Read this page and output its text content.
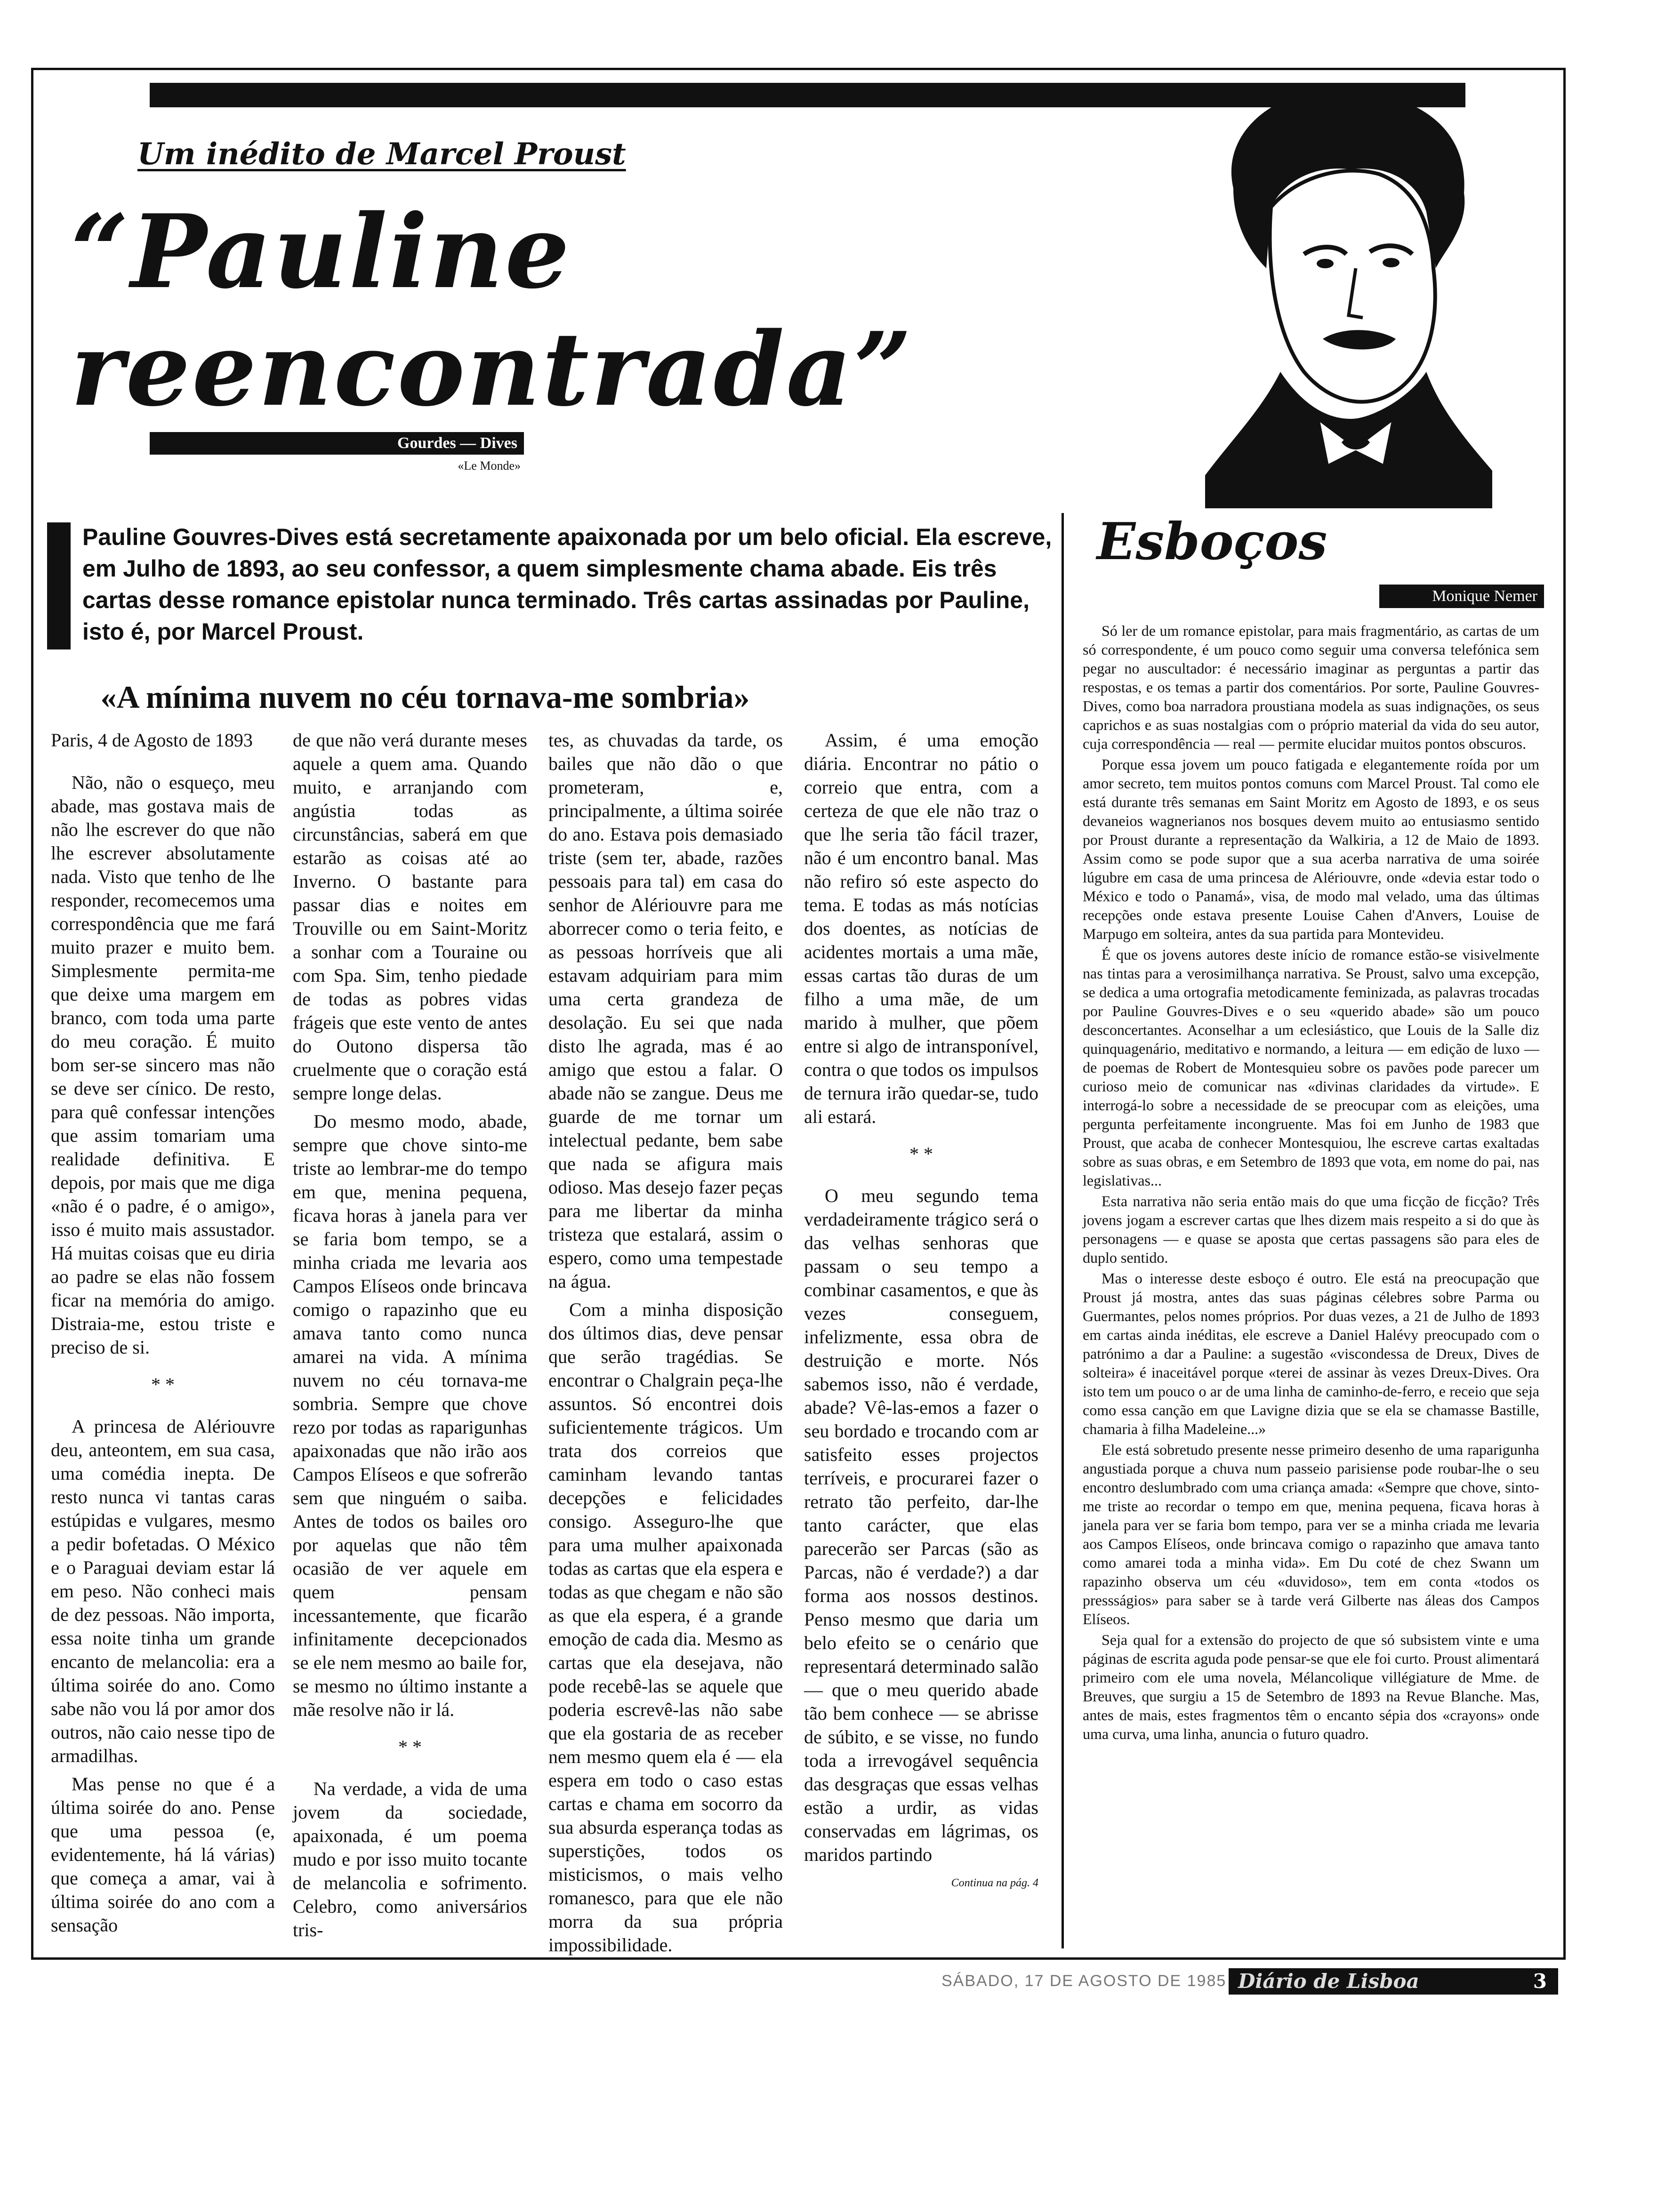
Um inédito de Marcel Proust
“Pauline
reencontrada”
Gourdes — Dives
«Le Monde»
PANCHO
Pauline Gouvres-Dives está secretamente apaixonada por um belo oficial. Ela escreve, em Julho de 1893, ao seu confessor, a quem simplesmente chama abade. Eis três cartas desse romance epistolar nunca terminado. Três cartas assinadas por Pauline, isto é, por Marcel Proust.
«A mínima nuvem no céu tornava-me sombria»

Paris, 4 de Agosto de 1893

Não, não o esqueço, meu abade, mas gostava mais de não lhe escrever do que não lhe escrever absolutamente nada. Visto que tenho de lhe responder, recomecemos uma correspondência que me fará muito prazer e muito bem. Simplesmente permita-me que deixe uma margem em branco, com toda uma parte do meu coração. É muito bom ser-se sincero mas não se deve ser cínico. De resto, para quê confessar intenções que assim tomariam uma realidade definitiva. E depois, por mais que me diga «não é o padre, é o amigo», isso é muito mais assustador. Há muitas coisas que eu diria ao padre se elas não fossem ficar na memória do amigo. Distraia-me, estou triste e preciso de si.

* *

A princesa de Alériouvre deu, anteontem, em sua casa, uma comédia inepta. De resto nunca vi tantas caras estúpidas e vulgares, mesmo a pedir bofetadas. O México e o Paraguai deviam estar lá em peso. Não conheci mais de dez pessoas. Não importa, essa noite tinha um grande encanto de melancolia: era a última soirée do ano. Como sabe não vou lá por amor dos outros, não caio nesse tipo de armadilhas.

Mas pense no que é a última soirée do ano. Pense que uma pessoa (e, evidentemente, há lá várias) que começa a amar, vai à última soirée do ano com a sensação

de que não verá durante meses aquele a quem ama. Quando muito, e arranjando com angústia todas as circunstâncias, saberá em que estarão as coisas até ao Inverno. O bastante para passar dias e noites em Trouville ou em Saint-Moritz a sonhar com a Touraine ou com Spa. Sim, tenho piedade de todas as pobres vidas frágeis que este vento de antes do Outono dispersa tão cruelmente que o coração está sempre longe delas.

Do mesmo modo, abade, sempre que chove sinto-me triste ao lembrar-me do tempo em que, menina pequena, ficava horas à janela para ver se faria bom tempo, se a minha criada me levaria aos Campos Elíseos onde brincava comigo o rapazinho que eu amava tanto como nunca amarei na vida. A mínima nuvem no céu tornava-me sombria. Sempre que chove rezo por todas as raparigunhas apaixonadas que não irão aos Campos Elíseos e que sofrerão sem que ninguém o saiba. Antes de todos os bailes oro por aquelas que não têm ocasião de ver aquele em quem pensam incessantemente, que ficarão infinitamente decepcionados se ele nem mesmo ao baile for, se mesmo no último instante a mãe resolve não ir lá.

* *

Na verdade, a vida de uma jovem da sociedade, apaixonada, é um poema mudo e por isso muito tocante de melancolia e sofrimento. Celebro, como aniversários tris-

tes, as chuvadas da tarde, os bailes que não dão o que prometeram, e, principalmente, a última soirée do ano. Estava pois demasiado triste (sem ter, abade, razões pessoais para tal) em casa do senhor de Alériouvre para me aborrecer como o teria feito, e as pessoas horríveis que ali estavam adquiriam para mim uma certa grandeza de desolação. Eu sei que nada disto lhe agrada, mas é ao amigo que estou a falar. O abade não se zangue. Deus me guarde de me tornar um intelectual pedante, bem sabe que nada se afigura mais odioso. Mas desejo fazer peças para me libertar da minha tristeza que estalará, assim o espero, como uma tempestade na água.

Com a minha disposição dos últimos dias, deve pensar que serão tragédias. Se encontrar o Chalgrain peça-lhe assuntos. Só encontrei dois suficientemente trágicos. Um trata dos correios que caminham levando tantas decepções e felicidades consigo. Asseguro-lhe que para uma mulher apaixonada todas as cartas que ela espera e todas as que chegam e não são as que ela espera, é a grande emoção de cada dia. Mesmo as cartas que ela desejava, não pode recebê-las se aquele que poderia escrevê-las não sabe que ela gostaria de as receber nem mesmo quem ela é — ela espera em todo o caso estas cartas e chama em socorro da sua absurda esperança todas as superstições, todos os misticismos, o mais velho romanesco, para que ele não morra da sua própria impossibilidade.

Assim, é uma emoção diária. Encontrar no pátio o correio que entra, com a certeza de que ele não traz o que lhe seria tão fácil trazer, não é um encontro banal. Mas não refiro só este aspecto do tema. E todas as más notícias dos doentes, as notícias de acidentes mortais a uma mãe, essas cartas tão duras de um filho a uma mãe, de um marido à mulher, que põem entre si algo de intransponível, contra o que todos os impulsos de ternura irão quedar-se, tudo ali estará.

* *

O meu segundo tema verdadeiramente trágico será o das velhas senhoras que passam o seu tempo a combinar casamentos, e que às vezes conseguem, infelizmente, essa obra de destruição e morte. Nós sabemos isso, não é verdade, abade? Vê-las-emos a fazer o seu bordado e trocando com ar satisfeito esses projectos terríveis, e procurarei fazer o retrato tão perfeito, dar-lhe tanto carácter, que elas parecerão ser Parcas (são as Parcas, não é verdade?) a dar forma aos nossos destinos. Penso mesmo que daria um belo efeito se o cenário que representará determinado salão — que o meu querido abade tão bem conhece — se abrisse de súbito, e se visse, no fundo toda a irrevogável sequência das desgraças que essas velhas estão a urdir, as vidas conservadas em lágrimas, os maridos partindo

Continua na pág. 4
Esboços
Monique Nemer

Só ler de um romance epistolar, para mais fragmentário, as cartas de um só correspondente, é um pouco como seguir uma conversa telefónica sem pegar no auscultador: é necessário imaginar as perguntas a partir das respostas, e os temas a partir dos comentários. Por sorte, Pauline Gouvres-Dives, como boa narradora proustiana modela as suas indignações, os seus caprichos e as suas nostalgias com o próprio material da vida do seu autor, cuja correspondência — real — permite elucidar muitos pontos obscuros.

Porque essa jovem um pouco fatigada e elegantemente roída por um amor secreto, tem muitos pontos comuns com Marcel Proust. Tal como ele está durante três semanas em Saint Moritz em Agosto de 1893, e os seus devaneios wagnerianos nos bosques devem muito ao entusiasmo sentido por Proust durante a representação da Walkiria, a 12 de Maio de 1893. Assim como se pode supor que a sua acerba narrativa de uma soirée lúgubre em casa de uma princesa de Alériouvre, onde «devia estar todo o México e todo o Panamá», visa, de modo mal velado, uma das últimas recepções onde estava presente Louise Cahen d'Anvers, Louise de Marpugo em solteira, antes da sua partida para Montevideu.

É que os jovens autores deste início de romance estão-se visivelmente nas tintas para a verosimilhança narrativa. Se Proust, salvo uma excepção, se dedica a uma ortografia metodicamente feminizada, as palavras trocadas por Pauline Gouvres-Dives e o seu «querido abade» são um pouco desconcertantes. Aconselhar a um eclesiástico, que Louis de la Salle diz quinquagenário, meditativo e normando, a leitura — em edição de luxo — de poemas de Robert de Montesquieu sobre os pavões pode parecer um curioso meio de comunicar nas «divinas claridades da virtude». E interrogá-lo sobre a necessidade de se preocupar com as eleições, uma pergunta perfeitamente incongruente. Mas foi em Junho de 1983 que Proust, que acaba de conhecer Montesquiou, lhe escreve cartas exaltadas sobre as suas obras, e em Setembro de 1893 que vota, em nome do pai, nas legislativas...

Esta narrativa não seria então mais do que uma ficção de ficção? Três jovens jogam a escrever cartas que lhes dizem mais respeito a si do que às personagens — e quase se aposta que certas passagens são para eles de duplo sentido.

Mas o interesse deste esboço é outro. Ele está na preocupação que Proust já mostra, antes das suas páginas célebres sobre Parma ou Guermantes, pelos nomes próprios. Por duas vezes, a 21 de Julho de 1893 em cartas ainda inéditas, ele escreve a Daniel Halévy preocupado com o patrónimo a dar a Pauline: a sugestão «viscondessa de Dreux, Dives de solteira» é inaceitável porque «terei de assinar às vezes Dreux-Dives. Ora isto tem um pouco o ar de uma linha de caminho-de-ferro, e receio que seja como essa canção em que Lavigne dizia que se ela se chamasse Bastille, chamaria à filha Madeleine...»

Ele está sobretudo presente nesse primeiro desenho de uma raparigunha angustiada porque a chuva num passeio parisiense pode roubar-lhe o seu encontro deslumbrado com uma criança amada: «Sempre que chove, sinto-me triste ao recordar o tempo em que, menina pequena, ficava horas à janela para ver se faria bom tempo, para ver se a minha criada me levaria aos Campos Elíseos, onde brincava comigo o rapazinho que amava tanto como amarei toda a minha vida». Em Du coté de chez Swann um rapazinho observa um céu «duvidoso», tem em conta «todos os pressságios» para saber se à tarde verá Gilberte nas áleas dos Campos Elíseos.

Seja qual for a extensão do projecto de que só subsistem vinte e uma páginas de escrita aguda pode pensar-se que ele foi curto. Proust alimentará primeiro com ele uma novela, Mélancolique villégiature de Mme. de Breuves, que surgiu a 15 de Setembro de 1893 na Revue Blanche. Mas, antes de mais, estes fragmentos têm o encanto sépia dos «crayons» onde uma curva, uma linha, anuncia o futuro quadro.

SÁBADO, 17 DE AGOSTO DE 1985 Diário de Lisboa	3
